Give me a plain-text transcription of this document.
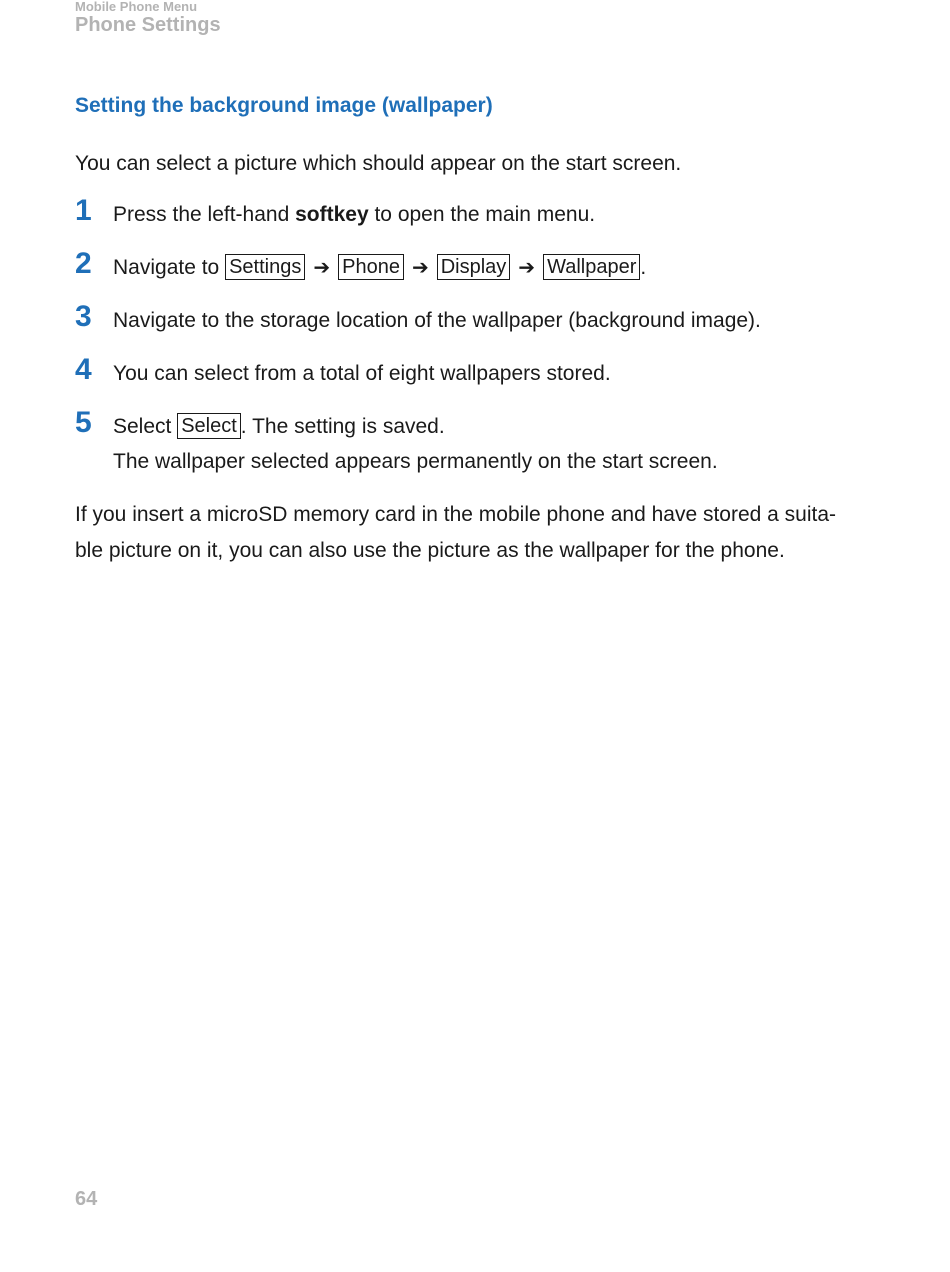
Mobile Phone Menu
Phone Settings
Setting the background image (wallpaper)

You can select a picture which should appear on the start screen.

1 Press the left-hand softkey to open the main menu.
2 Navigate to Settings ➔ Phone ➔ Display ➔ Wallpaper .
3 Navigate to the storage location of the wallpaper (background image).
4 You can select from a total of eight wallpapers stored.
5 Select Select . The setting is saved.
The wallpaper selected appears permanently on the start screen.

If you insert a microSD memory card in the mobile phone and have stored a suita-
ble picture on it, you can also use the picture as the wallpaper for the phone.

64
